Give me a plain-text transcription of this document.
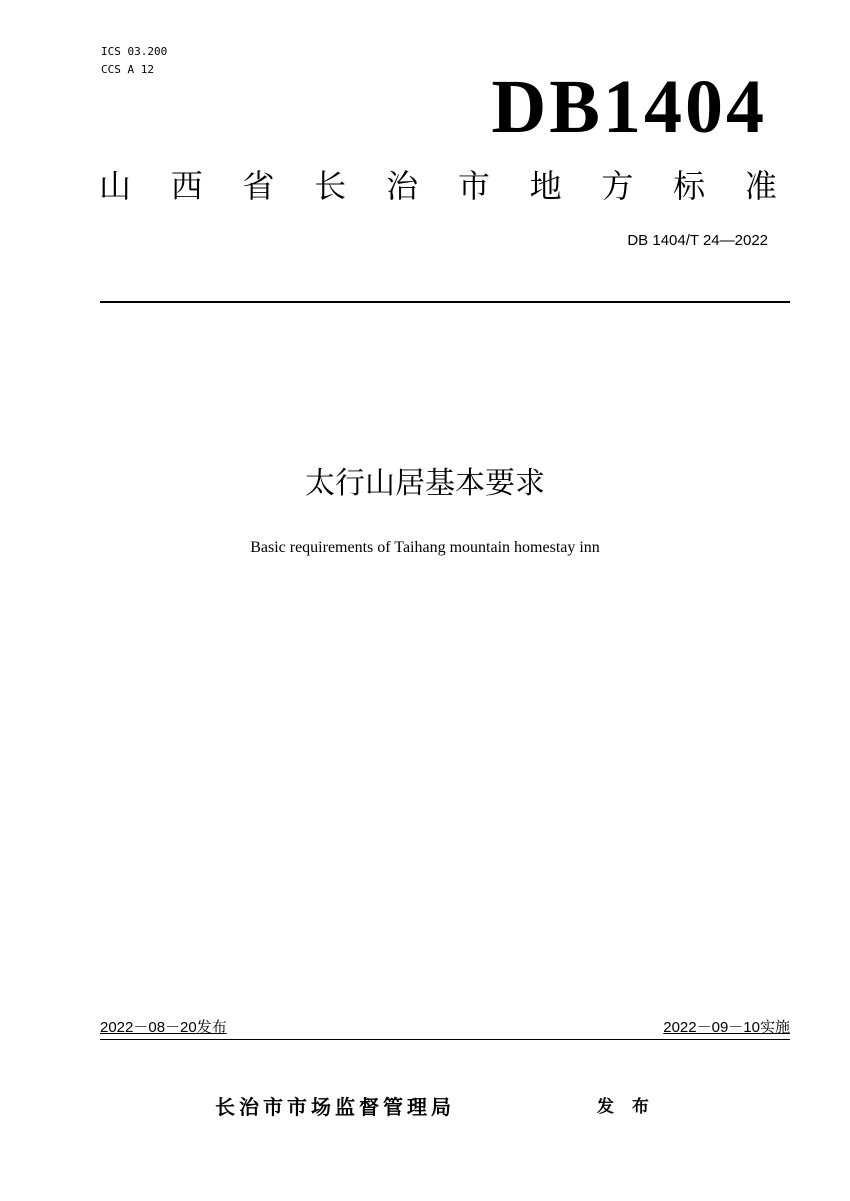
ICS 03.200
CCS A 12	DB1404
山 西 省 长 治 市 地 方 标 准
DB 1404/T 24—2022
太行山居基本要求
Basic requirements of Taihang mountain homestay inn
2022－08－20发布	2022－09－10实施
长治市市场监督管理局	发 布
